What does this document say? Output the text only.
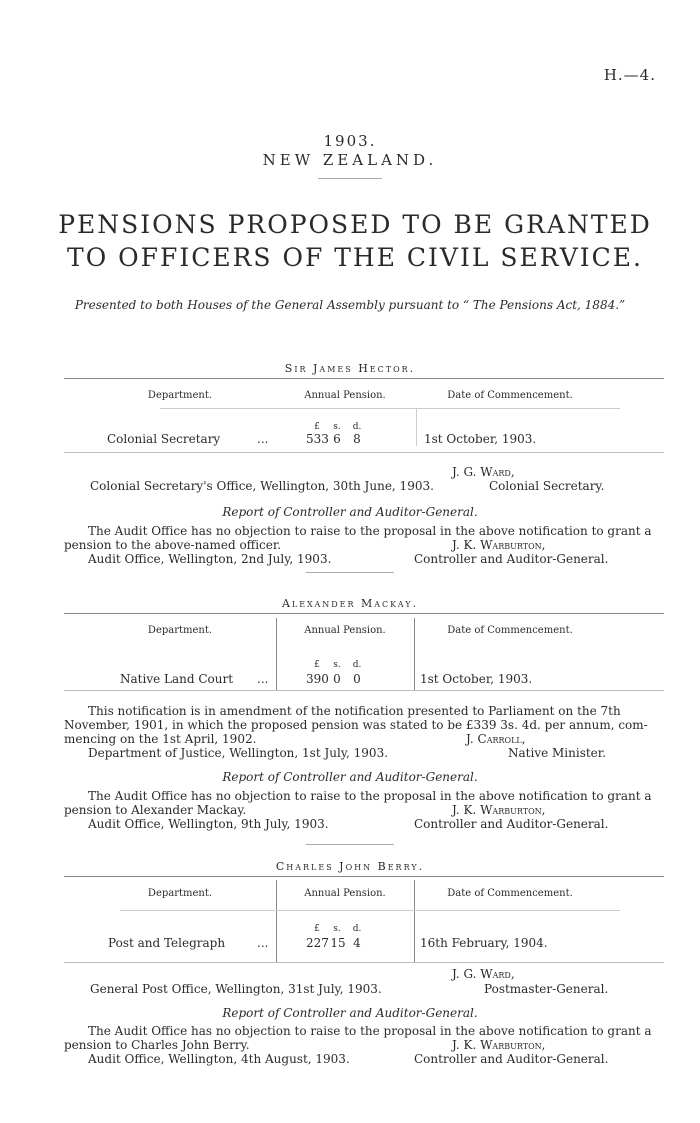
H.—4.
1903.
NEW ZEALAND.
PENSIONS PROPOSED TO BE GRANTED TO OFFICERS OF THE CIVIL SERVICE.
Presented to both Houses of the General Assembly pursuant to “ The Pensions Act, 1884.”
Sir James Hector.
Department.	Annual Pension.	Date of Commencement.
£	s.	d.
Colonial Secretary	...	533 6 8	1st October, 1903.
J. G. Ward,
Colonial Secretary's Office, Wellington, 30th June, 1903.	Colonial Secretary.
Report of Controller and Auditor-General.
The Audit Office has no objection to raise to the proposal in the above notification to grant a
pension to the above-named officer.	J. K. Warburton,
Audit Office, Wellington, 2nd July, 1903.	Controller and Auditor-General.
Alexander Mackay.
Department.	Annual Pension.	Date of Commencement.
£	s.	d.
Native Land Court ...	390 0 0	1st October, 1903.
This notification is in amendment of the notification presented to Parliament on the 7th
November, 1901, in which the proposed pension was stated to be £339 3s. 4d. per annum, com-
mencing on the 1st April, 1902.	J. Carroll,
Department of Justice, Wellington, 1st July, 1903.	Native Minister.
Report of Controller and Auditor-General.
The Audit Office has no objection to raise to the proposal in the above notification to grant a
pension to Alexander Mackay.	J. K. Warburton,
Audit Office, Wellington, 9th July, 1903.	Controller and Auditor-General.
Charles John Berry.
Department.	Annual Pension.	Date of Commencement.
£	s.	d.
Post and Telegraph	...	227 15 4	16th February, 1904.
J. G. Ward,
General Post Office, Wellington, 31st July, 1903.	Postmaster-General.
Report of Controller and Auditor-General.
The Audit Office has no objection to raise to the proposal in the above notification to grant a
pension to Charles John Berry.	J. K. Warburton,
Audit Office, Wellington, 4th August, 1903.	Controller and Auditor-General.
